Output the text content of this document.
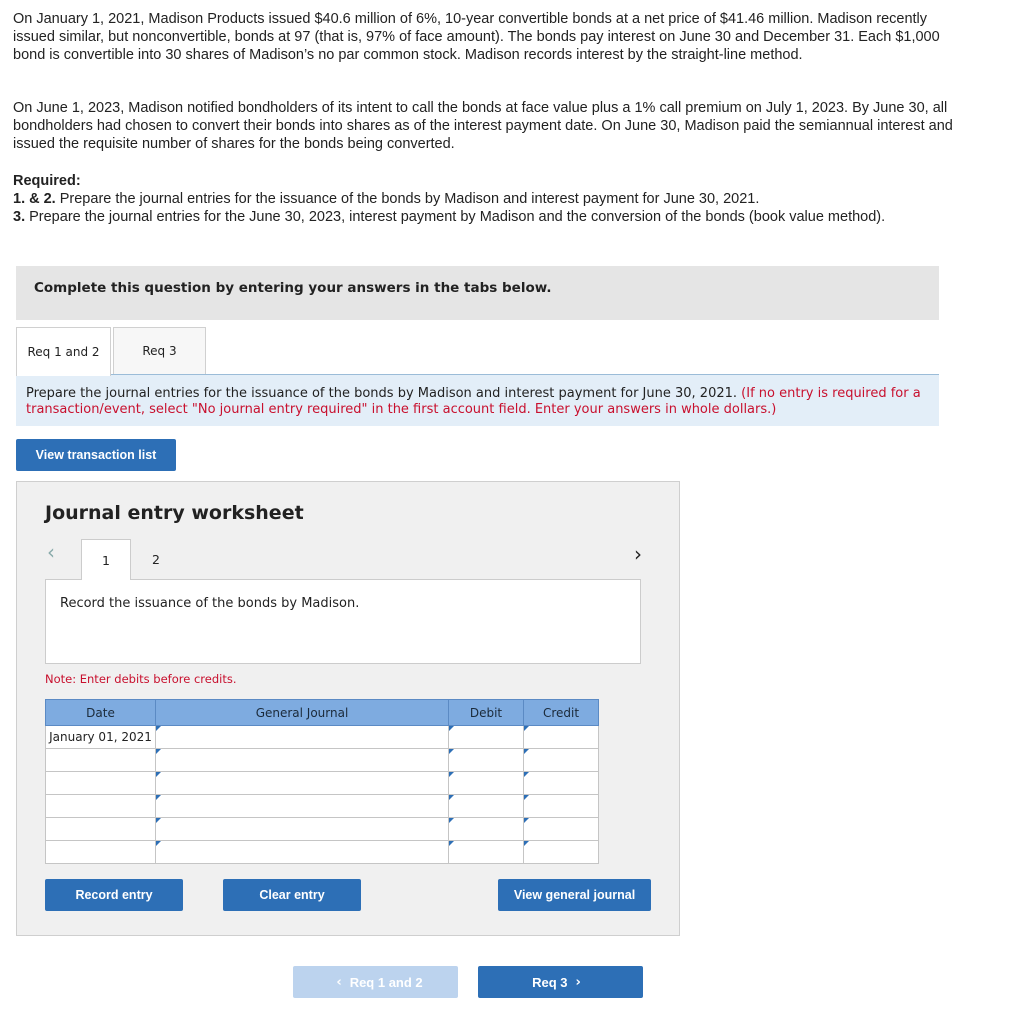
On January 1, 2021, Madison Products issued $40.6 million of 6%, 10-year convertible bonds at a net price of $41.46 million. Madison recently issued similar, but nonconvertible, bonds at 97 (that is, 97% of face amount). The bonds pay interest on June 30 and December 31. Each $1,000 bond is convertible into 30 shares of Madison’s no par common stock. Madison records interest by the straight-line method.

On June 1, 2023, Madison notified bondholders of its intent to call the bonds at face value plus a 1% call premium on July 1, 2023. By June 30, all bondholders had chosen to convert their bonds into shares as of the interest payment date. On June 30, Madison paid the semiannual interest and issued the requisite number of shares for the bonds being converted.

Required:
1. & 2. Prepare the journal entries for the issuance of the bonds by Madison and interest payment for June 30, 2021.
3. Prepare the journal entries for the June 30, 2023, interest payment by Madison and the conversion of the bonds (book value method).
Complete this question by entering your answers in the tabs below.
Req 1 and 2	Req 3
Prepare the journal entries for the issuance of the bonds by Madison and interest payment for June 30, 2021. (If no entry is required for a transaction/event, select "No journal entry required" in the first account field. Enter your answers in whole dollars.)
View transaction list
Journal entry worksheet
‹	1	2	›
Record the issuance of the bonds by Madison.
Note: Enter debits before credits.
Date	General Journal	Debit	Credit
January 01, 2021			

Record entry	Clear entry	View general journal
‹ Req 1 and 2	Req 3 ›
